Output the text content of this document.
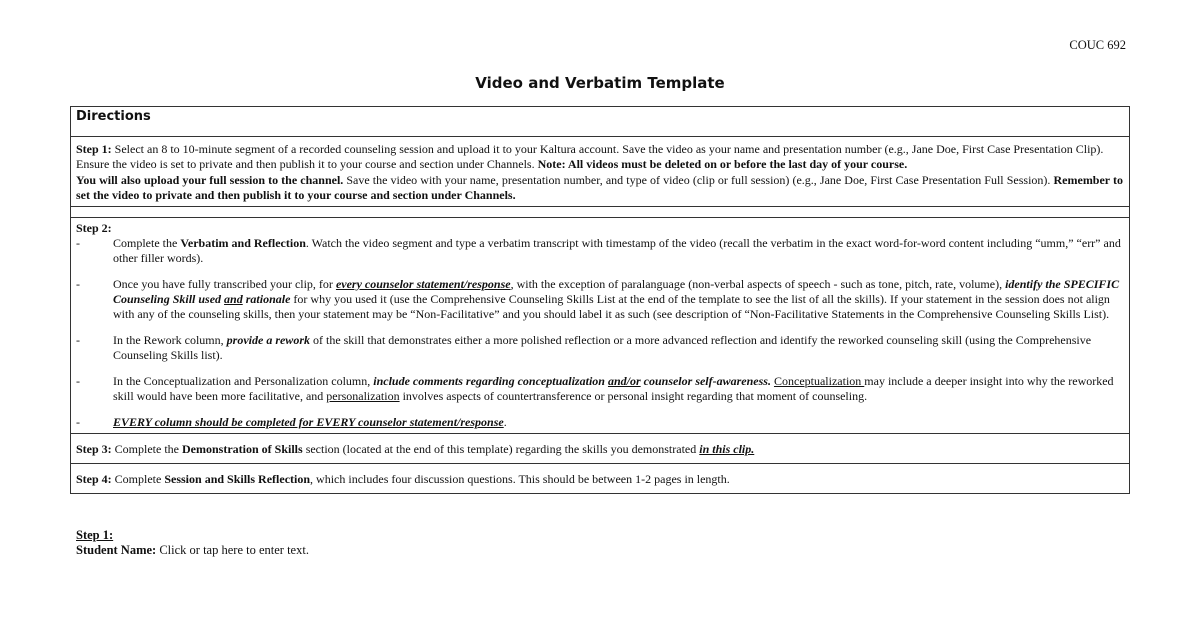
COUC 692
Video and Verbatim Template
Directions

Step 1: Select an 8 to 10-minute segment of a recorded counseling session and upload it to your Kaltura account. Save the video as your name and presentation number (e.g., Jane Doe, First Case Presentation Clip). Ensure the video is set to private and then publish it to your course and section under Channels. Note: All videos must be deleted on or before the last day of your course.
You will also upload your full session to the channel. Save the video with your name, presentation number, and type of video (clip or full session) (e.g., Jane Doe, First Case Presentation Full Session). Remember to set the video to private and then publish it to your course and section under Channels.

Step 2:
-	Complete the Verbatim and Reflection. Watch the video segment and type a verbatim transcript with timestamp of the video (recall the verbatim in the exact word-for-word content including “umm,” “err” and other filler words).
-	Once you have fully transcribed your clip, for every counselor statement/response, with the exception of paralanguage (non-verbal aspects of speech - such as tone, pitch, rate, volume), identify the SPECIFIC Counseling Skill used and rationale for why you used it (use the Comprehensive Counseling Skills List at the end of the template to see the list of all the skills). If your statement in the session does not align with any of the counseling skills, then your statement may be “Non-Facilitative” and you should label it as such (see description of “Non-Facilitative Statements in the Comprehensive Counseling Skills List).
-	In the Rework column, provide a rework of the skill that demonstrates either a more polished reflection or a more advanced reflection and identify the reworked counseling skill (using the Comprehensive Counseling Skills list).
-	In the Conceptualization and Personalization column, include comments regarding conceptualization and/or counselor self-awareness. Conceptualization may include a deeper insight into why the reworked skill would have been more facilitative, and personalization involves aspects of countertransference or personal insight regarding that moment of counseling.
-	EVERY column should be completed for EVERY counselor statement/response.

Step 3: Complete the Demonstration of Skills section (located at the end of this template) regarding the skills you demonstrated in this clip.
Step 4: Complete Session and Skills Reflection, which includes four discussion questions. This should be between 1-2 pages in length.
Step 1:
Student Name: Click or tap here to enter text.
